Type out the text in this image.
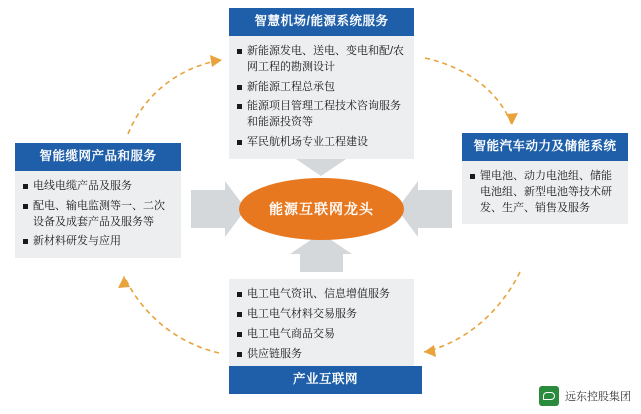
智慧机场/能源系统服务
新能源发电、送电、变电和配/农网工程的勘测设计
新能源工程总承包
能源项目管理工程技术咨询服务和能源投资等
军民航机场专业工程建设
智能缆网产品和服务
电线电缆产品及服务
配电、输电监测等一、二次设备及成套产品及服务等
新材料研发与应用
智能汽车动力及储能系统
锂电池、动力电池组、储能电池组、新型电池等技术研发、生产、销售及服务
电工电气资讯、信息增值服务
电工电气材料交易服务
电工电气商品交易
供应链服务
产业互联网
能源互联网龙头
远东控股集团
